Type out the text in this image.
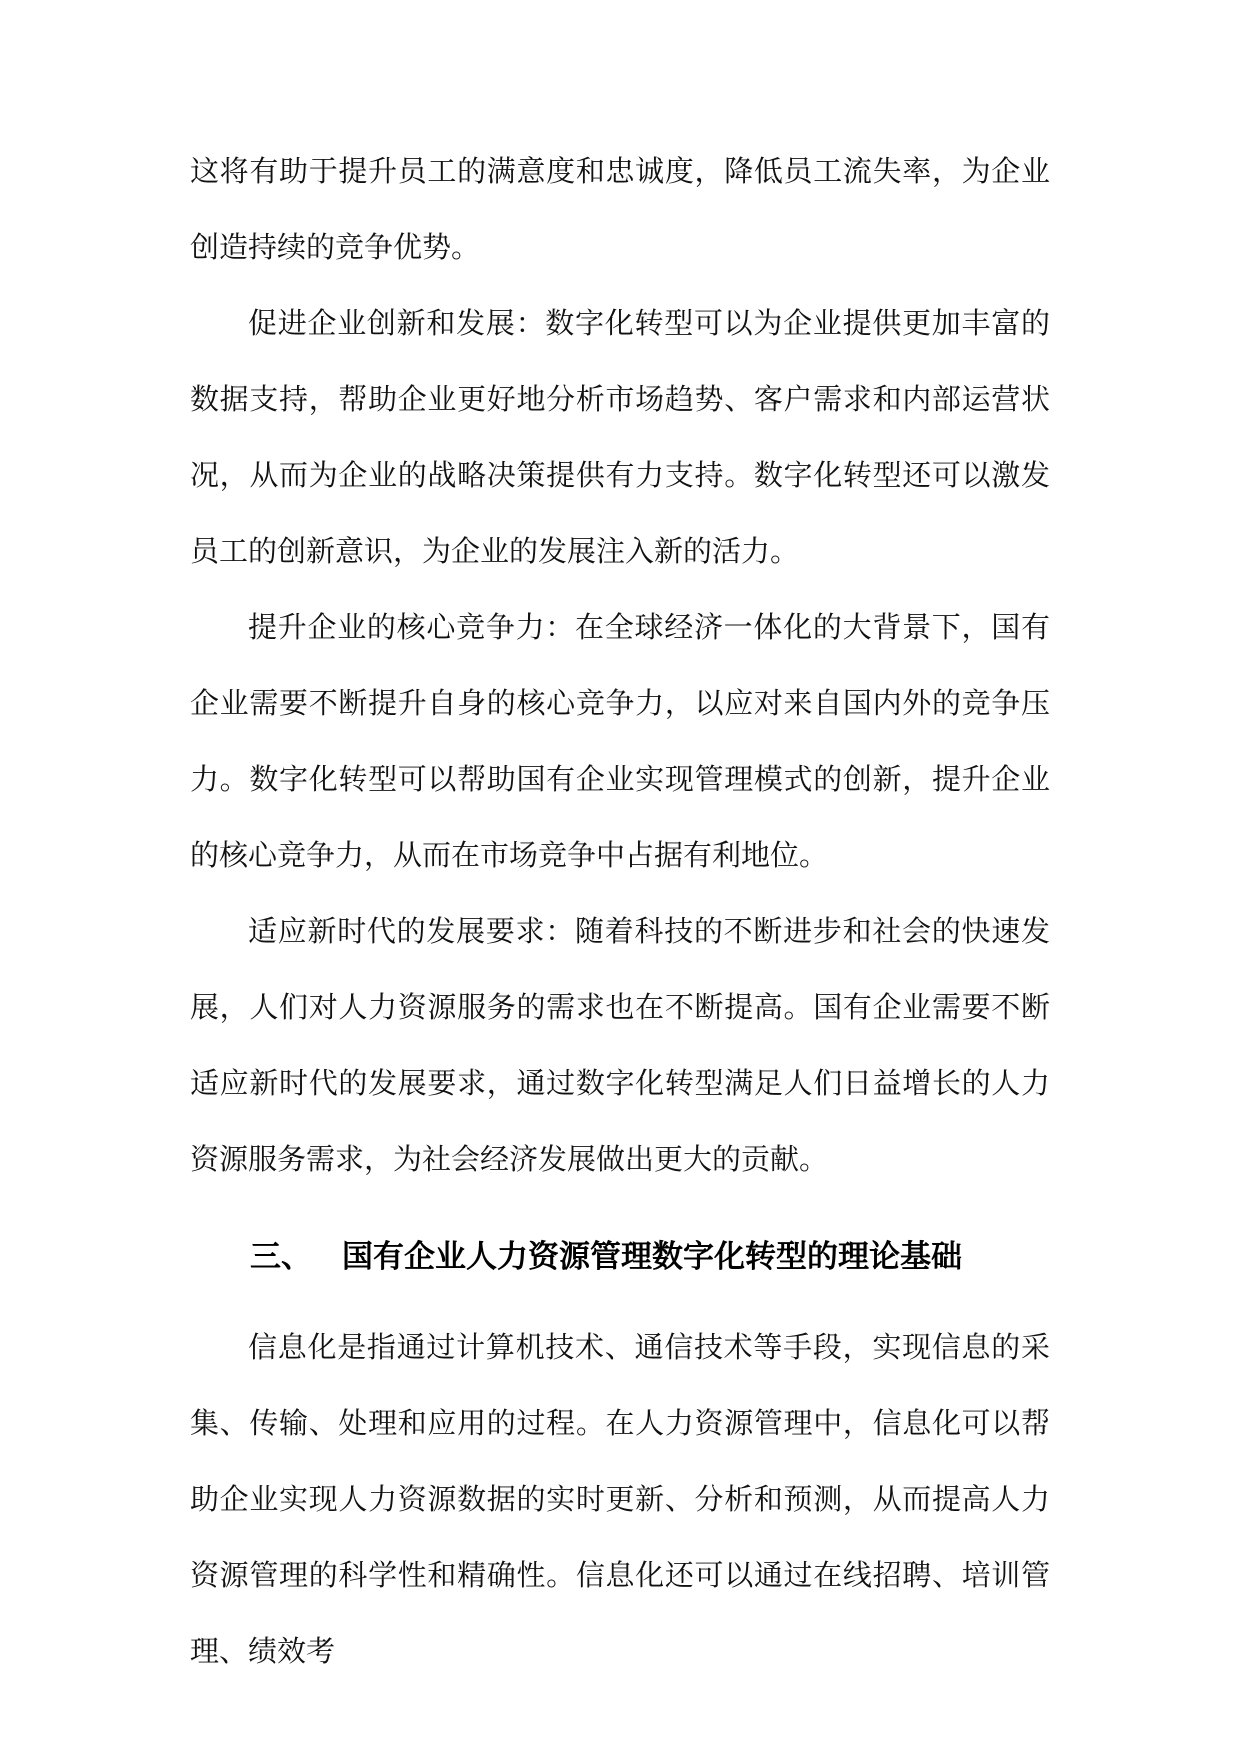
这将有助于提升员工的满意度和忠诚度，降低员工流失率，为企业创造持续的竞争优势。

促进企业创新和发展：数字化转型可以为企业提供更加丰富的数据支持，帮助企业更好地分析市场趋势、客户需求和内部运营状况，从而为企业的战略决策提供有力支持。数字化转型还可以激发员工的创新意识，为企业的发展注入新的活力。

提升企业的核心竞争力：在全球经济一体化的大背景下，国有企业需要不断提升自身的核心竞争力，以应对来自国内外的竞争压力。数字化转型可以帮助国有企业实现管理模式的创新，提升企业的核心竞争力，从而在市场竞争中占据有利地位。

适应新时代的发展要求：随着科技的不断进步和社会的快速发展，人们对人力资源服务的需求也在不断提高。国有企业需要不断适应新时代的发展要求，通过数字化转型满足人们日益增长的人力资源服务需求，为社会经济发展做出更大的贡献。

三、 国有企业人力资源管理数字化转型的理论基础

信息化是指通过计算机技术、通信技术等手段，实现信息的采集、传输、处理和应用的过程。在人力资源管理中，信息化可以帮助企业实现人力资源数据的实时更新、分析和预测，从而提高人力资源管理的科学性和精确性。信息化还可以通过在线招聘、培训管理、绩效考
